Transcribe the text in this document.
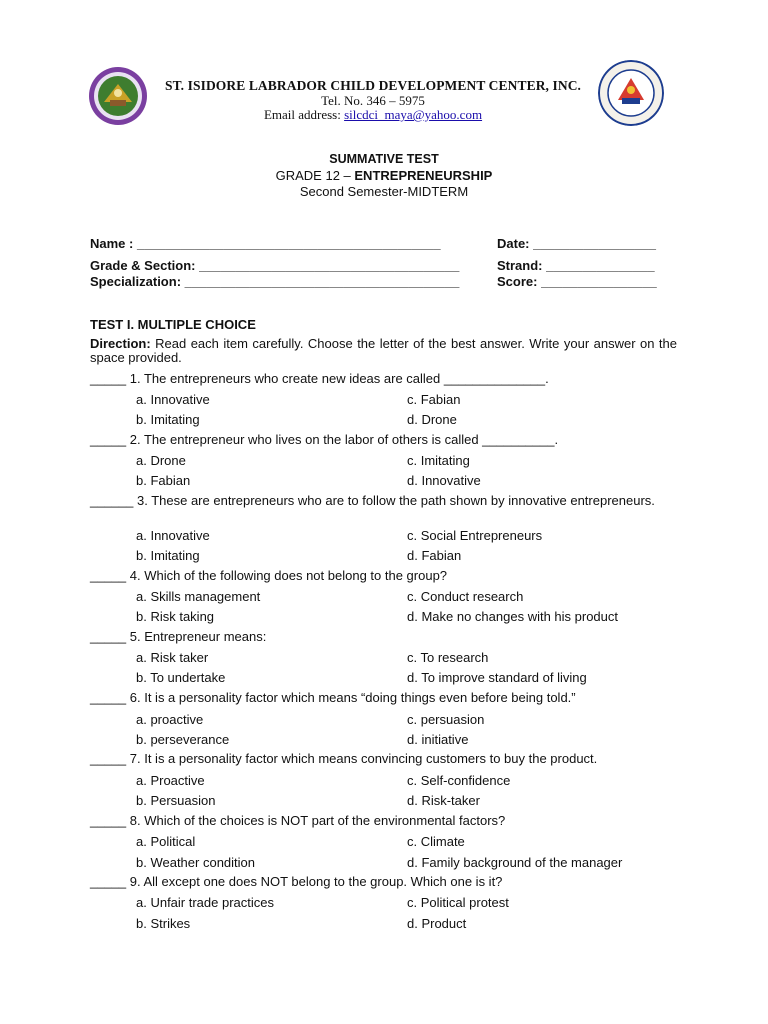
ST. ISIDORE LABRADOR CHILD DEVELOPMENT CENTER, INC.
Tel. No. 346 – 5975
Email address: silcdci_maya@yahoo.com
SUMMATIVE TEST
GRADE 12 – ENTREPRENEURSHIP
Second Semester-MIDTERM
Name : __________________________________________	Date: _________________
Grade & Section: ____________________________________	Strand: _______________
Specialization: ______________________________________	Score: ________________
TEST I. MULTIPLE CHOICE
Direction: Read each item carefully. Choose the letter of the best answer. Write your answer on the space provided.
_____ 1. The entrepreneurs who create new ideas are called ______________.
a. Innovative	c. Fabian
b. Imitating	d. Drone
_____ 2. The entrepreneur who lives on the labor of others is called __________.
a. Drone	c. Imitating
b. Fabian	d. Innovative
______ 3. These are entrepreneurs who are to follow the path shown by innovative entrepreneurs.
a. Innovative	c. Social Entrepreneurs
b. Imitating	d. Fabian
_____ 4. Which of the following does not belong to the group?
a. Skills management	c. Conduct research
b. Risk taking	d. Make no changes with his product
_____ 5. Entrepreneur means:
a. Risk taker	c. To research
b. To undertake	d. To improve standard of living
_____ 6. It is a personality factor which means “doing things even before being told.”
a. proactive	c. persuasion
b. perseverance	d. initiative
_____ 7. It is a personality factor which means convincing customers to buy the product.
a. Proactive	c. Self-confidence
b. Persuasion	d. Risk-taker
_____ 8. Which of the choices is NOT part of the environmental factors?
a. Political	c. Climate
b. Weather condition	d. Family background of the manager
_____ 9. All except one does NOT belong to the group. Which one is it?
a. Unfair trade practices	c. Political protest
b. Strikes	d. Product
